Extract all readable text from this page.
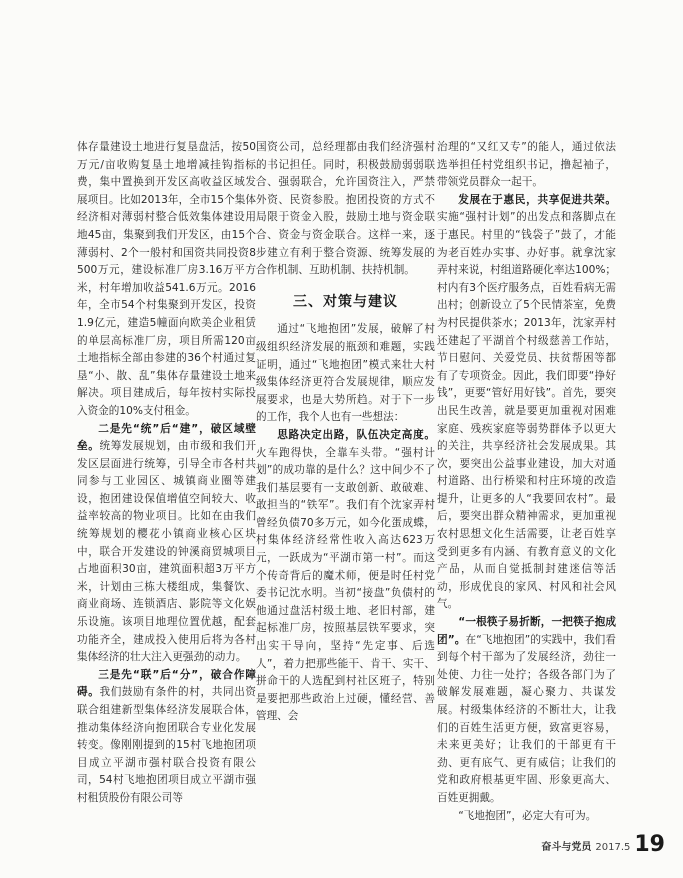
体存量建设土地进行复垦盘活，按50万元/亩收购复垦土地增减挂钩指标费，集中置换到开发区高收益区域发展项目。比如2013年，全市15个集体经济相对薄弱村整合低效集体建设用地45亩，集聚到我们开发区，由15个薄弱村、2个一般村和国资共同投资8500万元，建设标准厂房3.16万平方米，村年增加收益541.6万元。2016年，全市54个村集聚到开发区，投资1.9亿元，建造5幢面向欧美企业租赁的单层高标准厂房，项目所需120亩土地指标全部由参建的36个村通过复垦“小、散、乱”集体存量建设土地来解决。项目建成后，每年按村实际投入资金的10%支付租金。

二是先“统”后“建”，破区域壁垒。统筹发展规划，由市级和我们开发区层面进行统筹，引导全市各村共同参与工业园区、城镇商业圈等建设，抱团建设保值增值空间较大、收益率较高的物业项目。比如在由我们统筹规划的樱花小镇商业核心区块中，联合开发建设的钟溪商贸城项目占地面积30亩，建筑面积超3万平方米，计划由三栋大楼组成，集餐饮、商业商场、连锁酒店、影院等文化娱乐设施。该项目地理位置优越，配套功能齐全，建成投入使用后将为各村集体经济的壮大注入更强劲的动力。

三是先“联”后“分”，破合作障碍。我们鼓励有条件的村，共同出资联合组建新型集体经济发展联合体，推动集体经济向抱团联合专业化发展转变。像刚刚提到的15村飞地抱团项目成立平湖市强村联合投资有限公司，54村飞地抱团项目成立平湖市强村租赁股份有限公司等

国资公司，总经理都由我们经济强村的书记担任。同时，积极鼓励弱弱联合、强弱联合，允许国资注入，严禁外资、民资参股。抱团投资的方式不局限于资金入股，鼓励土地与资金联合、资金与资金联合。这样一来，逐步建立有利于整合资源、统筹发展的合作机制、互助机制、扶持机制。

三、对策与建议

通过“飞地抱团”发展，破解了村级组织经济发展的瓶颈和难题，实践证明，通过“飞地抱团”模式来壮大村级集体经济更符合发展规律，顺应发展要求，也是大势所趋。对于下一步的工作，我个人也有一些想法：

思路决定出路，队伍决定高度。火车跑得快，全靠车头带。“强村计划”的成功靠的是什么？这中间少不了我们基层要有一支敢创新、敢破难、敢担当的“铁军”。我们有个沈家弄村曾经负债70多万元，如今化蛋成蝶，村集体经济经常性收入高达623万元，一跃成为“平湖市第一村”。而这个传奇背后的魔术师，便是时任村党委书记沈水明。当初“接盘”负债村的他通过盘活村级土地、老旧村部，建起标准厂房，按照基层铁军要求，突出实干导向，坚持“先定事、后选人”，着力把那些能干、肯干、实干、拼命干的人选配到村社区班子，特别是要把那些政治上过硬，懂经营、善管理、会

治理的“又红又专”的能人，通过依法选举担任村党组织书记，撸起袖子，带领党员群众一起干。

发展在于惠民，共享促进共荣。实施“强村计划”的出发点和落脚点在于惠民。村里的“钱袋子”鼓了，才能为老百姓办实事、办好事。就拿沈家弄村来说，村组道路硬化率达100%；村内有3个医疗服务点，百姓看病无需出村；创新设立了5个民情茶室，免费为村民提供茶水；2013年，沈家弄村还建起了平湖首个村级慈善工作站，节日慰问、关爱党员、扶贫帮困等都有了专项资金。因此，我们即要“挣好钱”，更要“管好用好钱”。首先，要突出民生改善，就是要更加重视对困难家庭、残疾家庭等弱势群体予以更大的关注，共享经济社会发展成果。其次，要突出公益事业建设，加大对通村道路、出行桥梁和村庄环境的改造提升，让更多的人“我要回农村”。最后，要突出群众精神需求，更加重视农村思想文化生活需要，让老百姓享受到更多有内涵、有教育意义的文化产品，从而自觉抵制封建迷信等活动，形成优良的家风、村风和社会风气。

“一根筷子易折断，一把筷子抱成团”。在“飞地抱团”的实践中，我们看到每个村干部为了发展经济，劲往一处使、力往一处拧；各级各部门为了破解发展难题，凝心聚力、共谋发展。村级集体经济的不断壮大，让我们的百姓生活更方便，致富更容易，未来更美好；让我们的干部更有干劲、更有底气、更有威信；让我们的党和政府根基更牢固、形象更高大、百姓更拥戴。

“飞地抱团”，必定大有可为。

奋斗与党员 2017.5 19
